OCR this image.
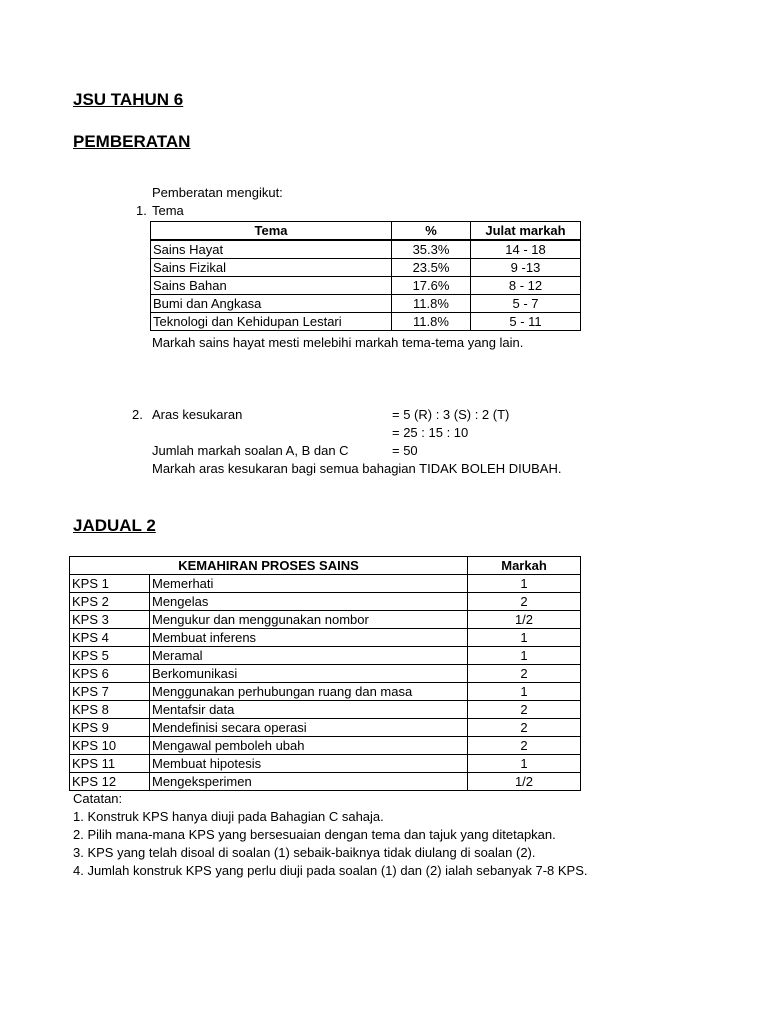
JSU TAHUN 6
PEMBERATAN
Pemberatan mengikut:
1. Tema
Tema	%	Julat markah
Sains Hayat	35.3%	14 - 18
Sains Fizikal	23.5%	9 -13
Sains Bahan	17.6%	8 - 12
Bumi dan Angkasa	11.8%	5 - 7
Teknologi dan Kehidupan Lestari	11.8%	5 - 11
Markah sains hayat mesti melebihi markah tema-tema yang lain.
2. Aras kesukaran	= 5 (R) : 3 (S) : 2 (T)
= 25 : 15 : 10
Jumlah markah soalan A, B dan C	= 50
Markah aras kesukaran bagi semua bahagian TIDAK BOLEH DIUBAH.
JADUAL 2
KEMAHIRAN PROSES SAINS		Markah
KPS 1	Memerhati	1
KPS 2	Mengelas	2
KPS 3	Mengukur dan menggunakan nombor	1/2
KPS 4	Membuat inferens	1
KPS 5	Meramal	1
KPS 6	Berkomunikasi	2
KPS 7	Menggunakan perhubungan ruang dan masa	1
KPS 8	Mentafsir data	2
KPS 9	Mendefinisi secara operasi	2
KPS 10	Mengawal pemboleh ubah	2
KPS 11	Membuat hipotesis	1
KPS 12	Mengeksperimen	1/2
Catatan:
1. Konstruk KPS hanya diuji pada Bahagian C sahaja.
2. Pilih mana-mana KPS yang bersesuaian dengan tema dan tajuk yang ditetapkan.
3. KPS yang telah disoal di soalan (1) sebaik-baiknya tidak diulang di soalan (2).
4. Jumlah konstruk KPS yang perlu diuji pada soalan (1) dan (2) ialah sebanyak 7-8 KPS.
